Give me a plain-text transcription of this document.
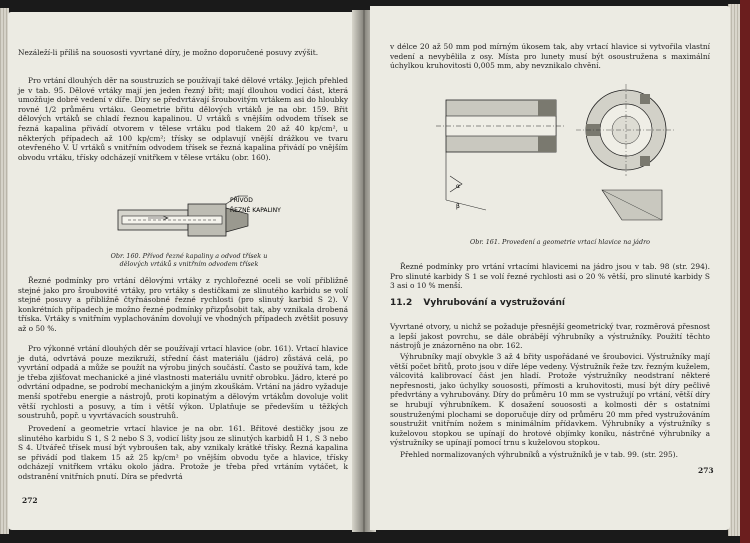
Nezáleží-li příliš na souososti vyvrtané díry, je možno doporučené posuvy zvýšit.

Pro vrtání dlouhých děr na soustruzích se používají také dělové vrtáky. Jejich přehled je v tab. 95. Dělové vrtáky mají jen jeden řezný břit; mají dlouhou vodicí část, která umožňuje dobré vedení v díře. Díry se předvrtávají šroubovitým vrtákem asi do hloubky rovné 1/2 průměru vrtáku. Geometrie břitu dělových vrtáků je na obr. 159. Břit dělových vrtáků se chladí řeznou kapalinou. U vrtáků s vnějším odvodem třísek se řezná kapalina přivádí otvorem v tělese vrtáku pod tlakem 20 až 40 kp/cm², u některých případech až 100 kp/cm²; třísky se odplavují vnější drážkou ve tvaru otevřeného V. U vrtáků s vnitřním odvodem třísek se řezná kapalina přivádí po vnějším obvodu vrtáku, třísky odcházejí vnitřkem v tělese vrtáku (obr. 160).

PŘÍVOD
ŘEZNÉ KAPALINY
Obr. 160. Přívod řezné kapaliny a odvod třísek u dělových vrtáků s vnitřním odvodem třísek

Řezné podmínky pro vrtání dělovými vrtáky z rychlořezné oceli se volí přibližně stejné jako pro šroubovité vrtáky, pro vrtáky s destičkami ze slinutého karbidu se volí stejné posuvy a přibližně čtyřnásobné řezné rychlosti (pro slinutý karbid S 2). V konkrétních případech je možno řezné podmínky přizpůsobit tak, aby vznikala drobená tříska. Vrtáky s vnitřním vyplachováním dovolují ve vhodných případech zvětšit posuvy až o 50 %.

Pro výkonné vrtání dlouhých děr se používají vrtací hlavice (obr. 161). Vrtací hlavice je dutá, odvrtává pouze mezikruží, střední část materiálu (jádro) zůstává celá, po vyvrtání odpadá a může se použít na výrobu jiných součástí. Často se používá tam, kde je třeba zjišťovat mechanické a jiné vlastnosti materiálu uvnitř obrobku. Jádro, které po odvrtání odpadne, se podrobí mechanickým a jiným zkouškám. Vrtání na jádro vyžaduje menší spotřebu energie a nástrojů, proti kopinatým a dělovým vrtákům dovoluje volit větší rychlosti a posuvy, a tím i větší výkon. Uplatňuje se především u těžkých soustruhů, popř. u vyvrtávacích soustruhů.

Provedení a geometrie vrtací hlavice je na obr. 161. Břitové destičky jsou ze slinutého karbidu S 1, S 2 nebo S 3, vodicí lišty jsou ze slinutých karbidů H 1, S 3 nebo S 4. Utvářeč třísek musí být vybroušen tak, aby vznikaly krátké třísky. Řezná kapalina se přivádí pod tlakem 15 až 25 kp/cm² po vnějším obvodu tyče a hlavice, třísky odcházejí vnitřkem vrtáku okolo jádra. Protože je třeba před vrtáním vytáčet, k odstranění vnitřních pnutí. Díra se předvrtá

272

v délce 20 až 50 mm pod mírným úkosem tak, aby vrtací hlavice si vytvořila vlastní vedení a nevybělila z osy. Místa pro lunety musí být osoustružena s maximální úchylkou kruhovitosti 0,005 mm, aby nevznikalo chvění.

α
β
Obr. 161. Provedení a geometrie vrtací hlavice na jádro

Řezné podmínky pro vrtání vrtacími hlavicemi na jádro jsou v tab. 98 (str. 294). Pro slinuté karbidy S 1 se volí řezné rychlosti asi o 20 % větší, pro slinuté karbidy S 3 asi o 10 % menší.

11.2 Vyhrubování a vystružování

Vyvrtané otvory, u nichž se požaduje přesnější geometrický tvar, rozměrová přesnost a lepší jakost povrchu, se dále obrábějí výhrubníky a výstružníky. Použití těchto nástrojů je znázorněno na obr. 162.

Výhrubníky mají obvykle 3 až 4 břity uspořádané ve šroubovici. Výstružníky mají větší počet břitů, proto jsou v díře lépe vedeny. Výstružník řeže tzv. řezným kuželem, válcovitá kalibrovací část jen hladí. Protože výstružníky neodstraní některé nepřesnosti, jako úchylky souososti, přímosti a kruhovitosti, musí být díry pečlivě předvrtány a vyhrubovány. Díry do průměru 10 mm se vystružují po vrtání, větší díry se hrubují výhrubníkem. K dosažení souososti a kolmosti děr s ostatními soustruženými plochami se doporučuje díry od průměru 20 mm před vystružováním soustružit vnitřním nožem s minimálním přídavkem. Výhrubníky a výstružníky s kuželovou stopkou se upínají do hrotové objímky koníku, nástrčné výhrubníky a výstružníky se upínají pomocí trnu s kuželovou stopkou.

Přehled normalizovaných výhrubníků a výstružníků je v tab. 99. (str. 295).

273
